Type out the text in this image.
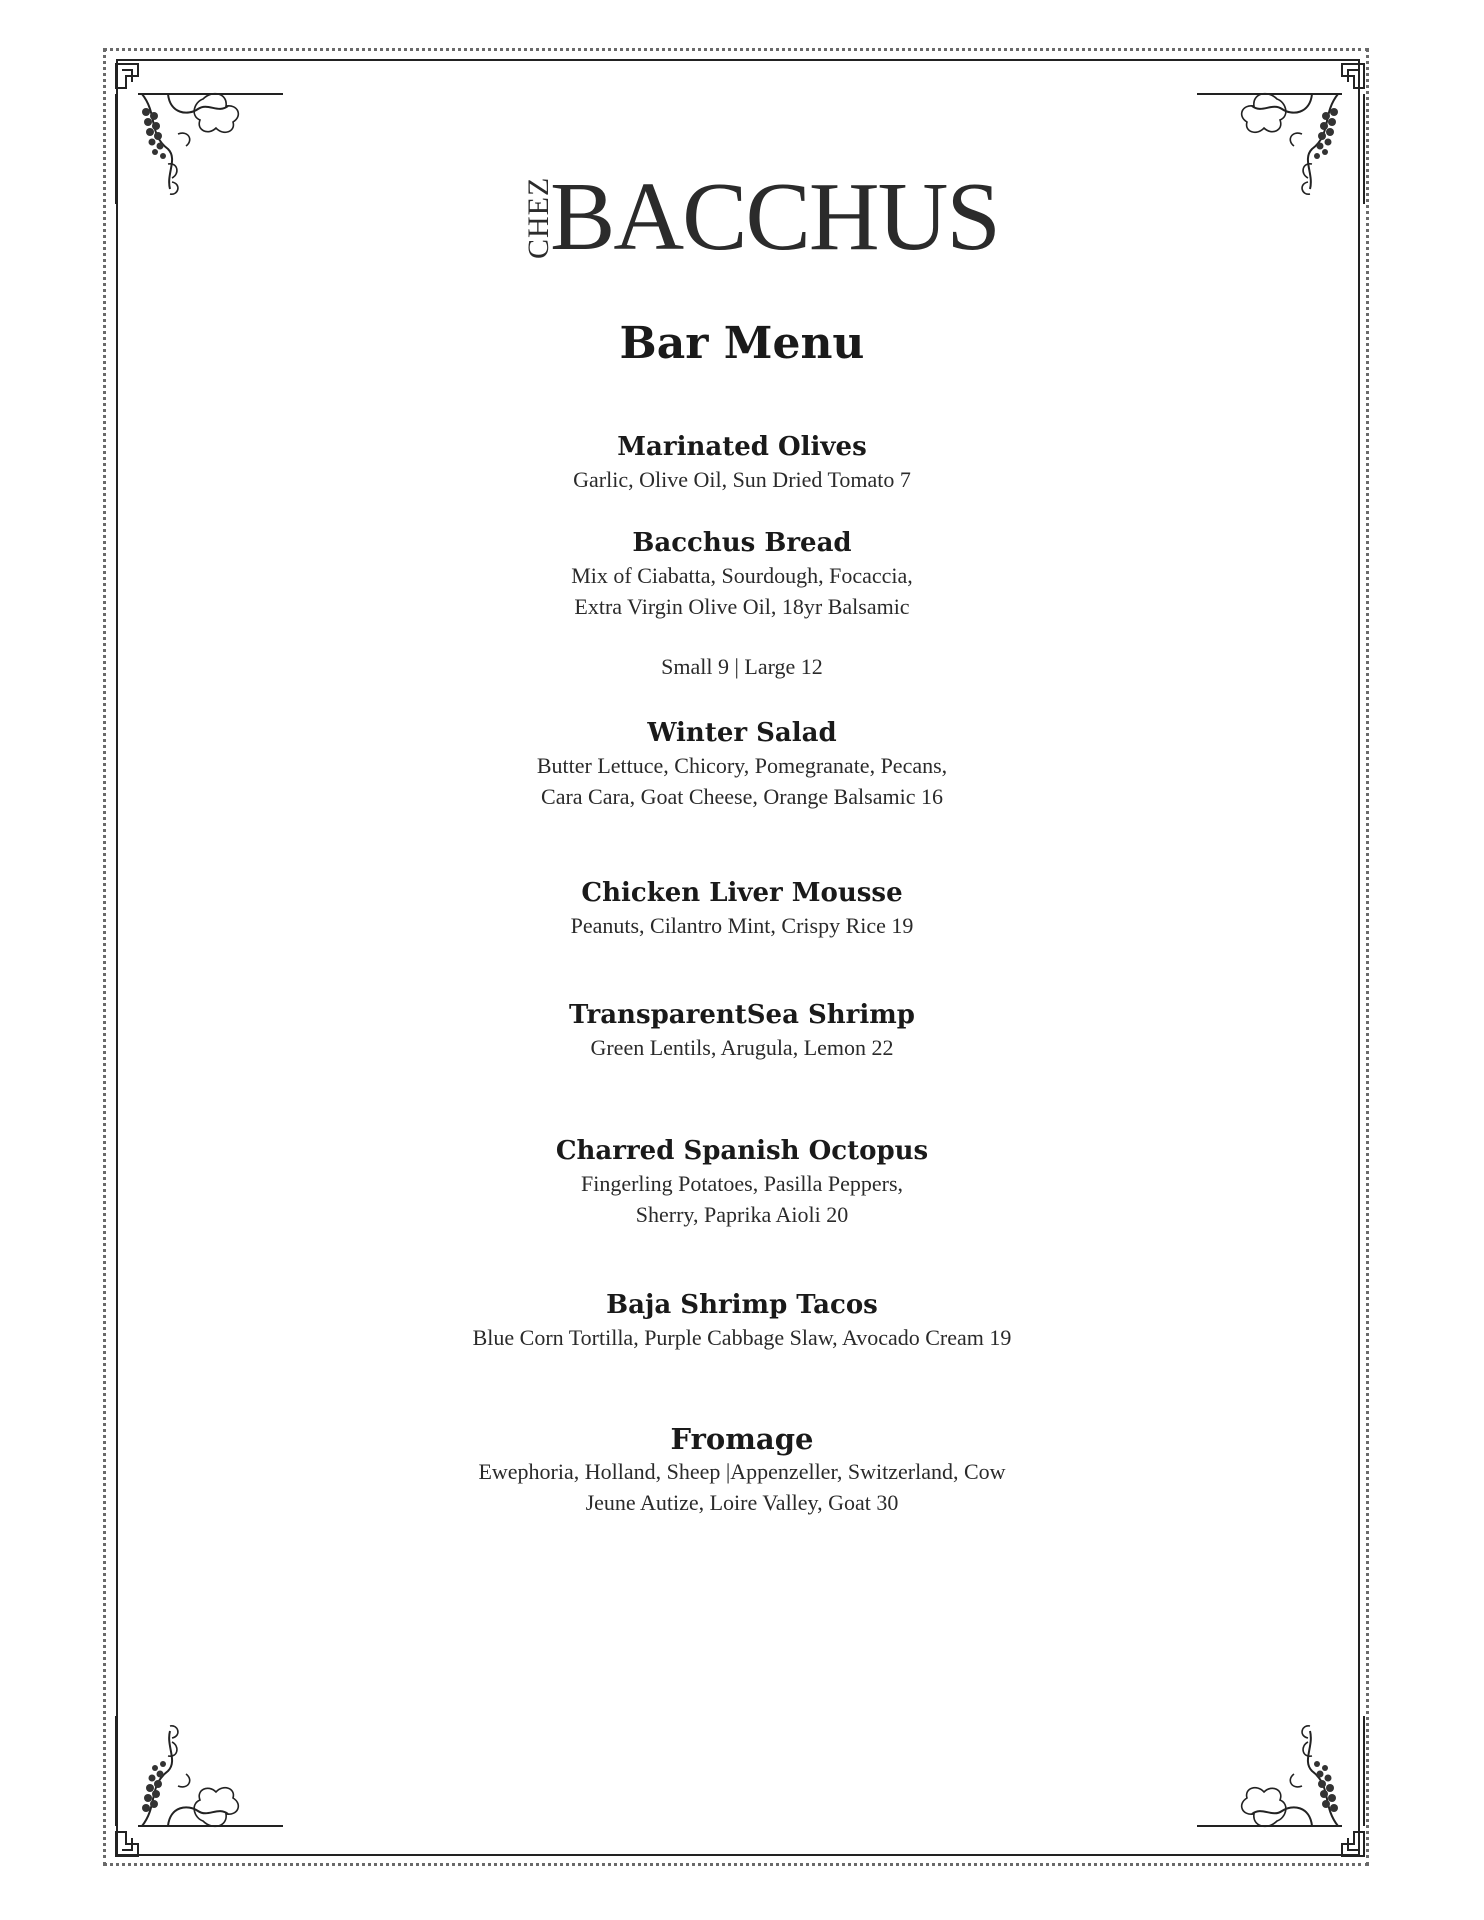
CHEZ
BACCHUS
Bar Menu
Marinated Olives
Garlic, Olive Oil, Sun Dried Tomato 7
Bacchus Bread
Mix of Ciabatta, Sourdough, Focaccia,
Extra Virgin Olive Oil, 18yr Balsamic
Small 9 | Large 12
Winter Salad
Butter Lettuce, Chicory, Pomegranate, Pecans,
Cara Cara, Goat Cheese, Orange Balsamic 16
Chicken Liver Mousse
Peanuts, Cilantro Mint, Crispy Rice 19
TransparentSea Shrimp
Green Lentils, Arugula, Lemon 22
Charred Spanish Octopus
Fingerling Potatoes, Pasilla Peppers,
Sherry, Paprika Aioli 20
Baja Shrimp Tacos
Blue Corn Tortilla, Purple Cabbage Slaw, Avocado Cream 19
Fromage
Ewephoria, Holland, Sheep |Appenzeller, Switzerland, Cow
Jeune Autize, Loire Valley, Goat 30
